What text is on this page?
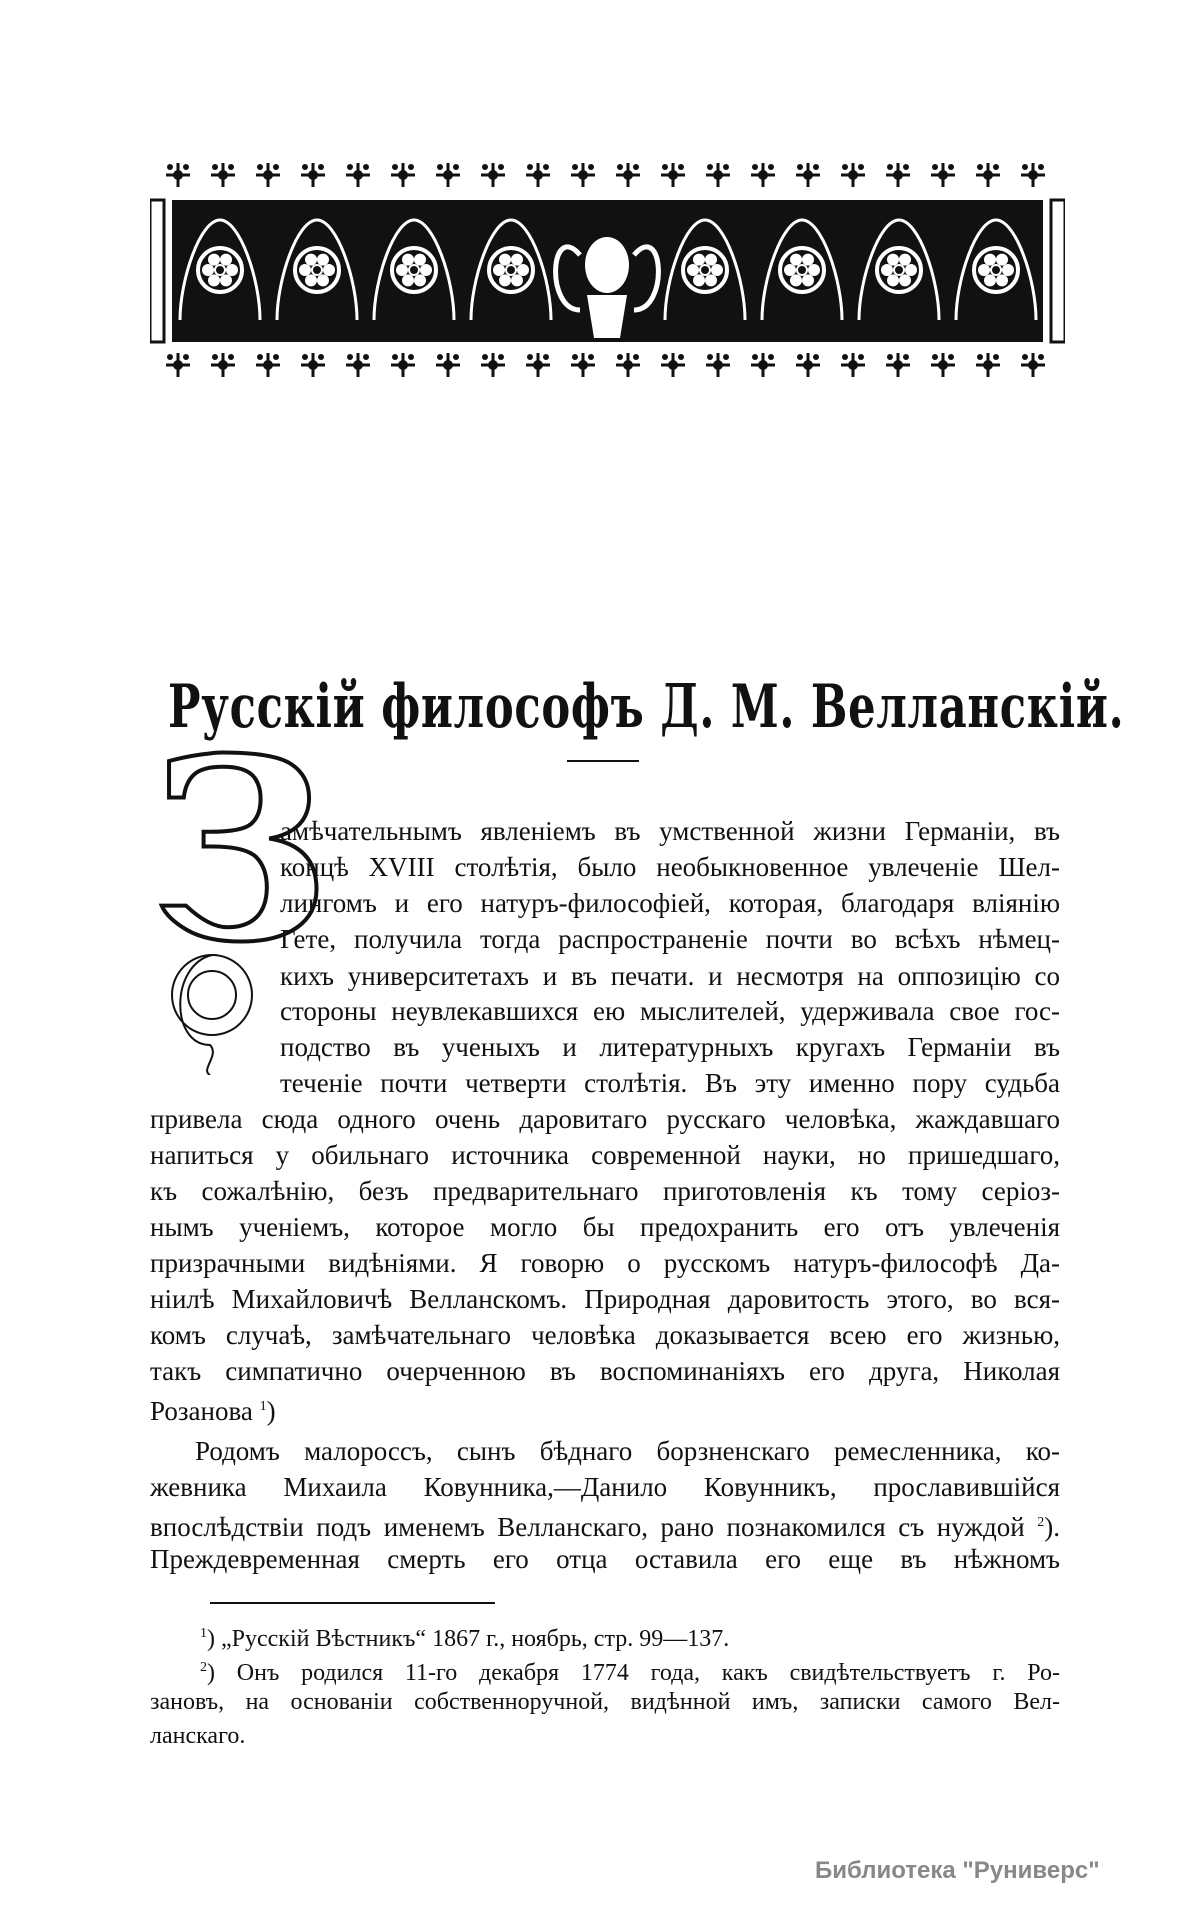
Русскій философъ Д. М. Велланскій.
З
амѣчательнымъ явленіемъ въ умственной жизни Германіи, въ
концѣ XVIII столѣтія, было необыкновенное увлеченіе Шел-
лингомъ и его натуръ-философіей, которая, благодаря вліянію
Гете, получила тогда распространеніе почти во всѣхъ нѣмец-
кихъ университетахъ и въ печати. и несмотря на оппозицію со
стороны неувлекавшихся ею мыслителей, удерживала свое гос-
подство въ ученыхъ и литературныхъ кругахъ Германіи въ
теченіе почти четверти столѣтія. Въ эту именно пору судьба
привела сюда одного очень даровитаго русскаго человѣка, жаждавшаго
напиться у обильнаго источника современной науки, но пришедшаго,
къ сожалѣнію, безъ предварительнаго приготовленія къ тому серіоз-
нымъ ученіемъ, которое могло бы предохранить его отъ увлеченія
призрачными видѣніями. Я говорю о русскомъ натуръ-философѣ Да-
ніилѣ Михайловичѣ Велланскомъ. Природная даровитость этого, во вся-
комъ случаѣ, замѣчательнаго человѣка доказывается всею его жизнью,
такъ симпатично очерченною въ воспоминаніяхъ его друга, Николая
Розанова $^1$)
Родомъ малороссъ, сынъ бѣднаго борзненскаго ремесленника, ко-
жевника Михаила Ковунника,—Данило Ковунникъ, прославившійся
впослѣдствіи подъ именемъ Велланскаго, рано познакомился съ нуждой $^2$).
Преждевременная смерть его отца оставила его еще въ нѣжномъ
$^1$) „Русскій Вѣстникъ“ 1867 г., ноябрь, стр. 99—137.
$^2$) Онъ родился 11-го декабря 1774 года, какъ свидѣтельствуетъ г. Ро-
зановъ, на основаніи собственноручной, видѣнной имъ, записки самого Вел-
ланскаго.
Библиотека "Руниверс"
